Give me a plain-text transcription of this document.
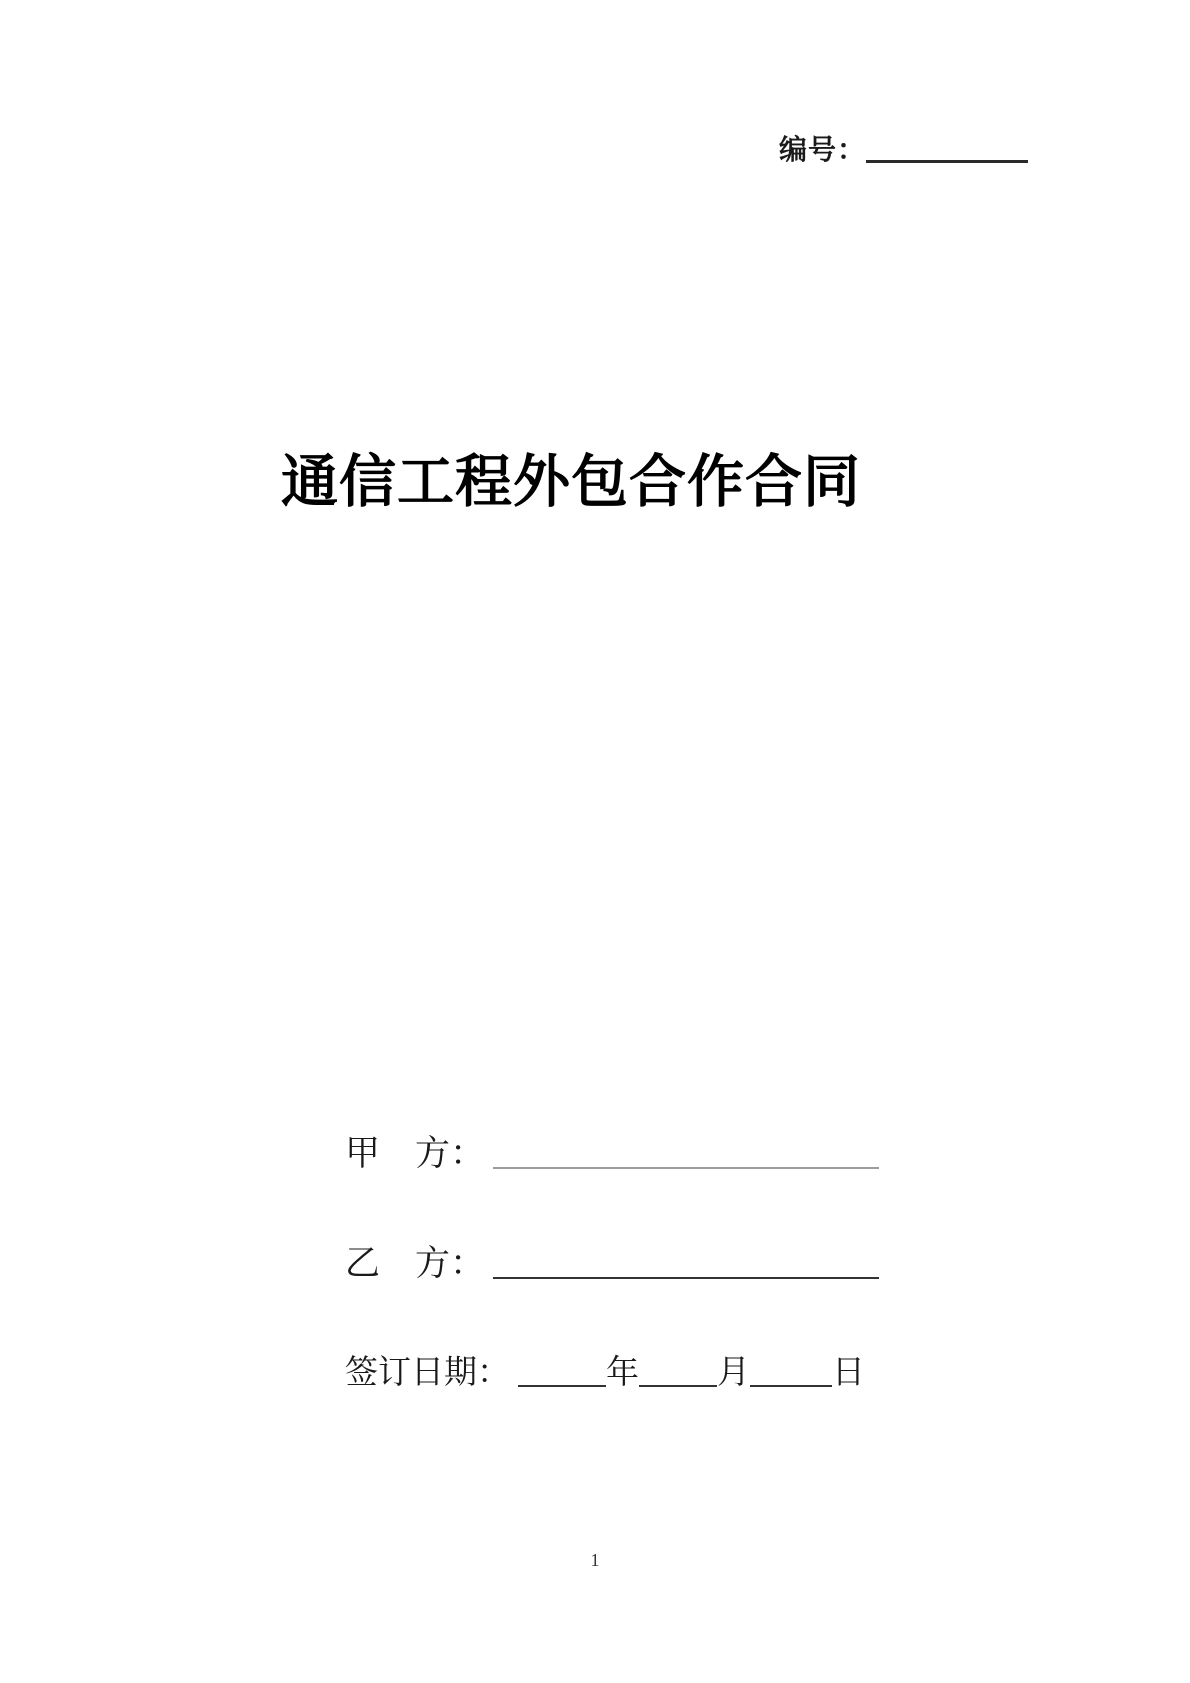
编号：
通信工程外包合作合同
甲　方：
乙　方：
签订日期：	年 月 日
1
